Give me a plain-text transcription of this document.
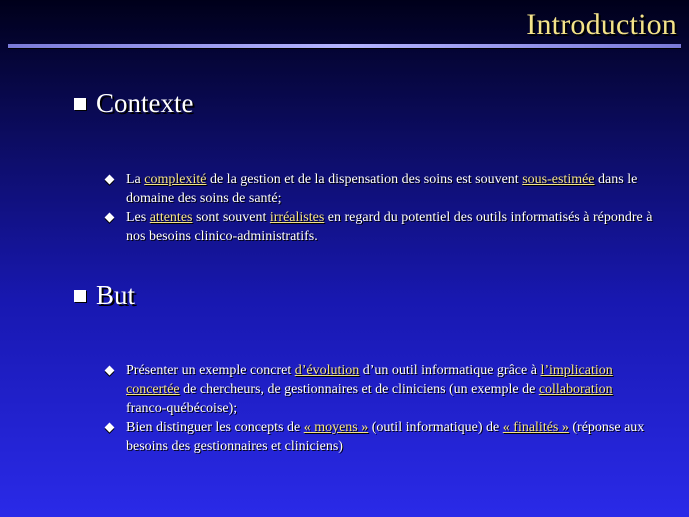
Introduction
Contexte
La complexité de la gestion et de la dispensation des soins est souvent sous-estimée dans le domaine des soins de santé;
Les attentes sont souvent irréalistes en regard du potentiel des outils informatisés à répondre à nos besoins clinico-administratifs.
But
Présenter un exemple concret d’évolution d’un outil informatique grâce à l’implication concertée de chercheurs, de gestionnaires et de cliniciens (un exemple de collaboration franco-québécoise);
Bien distinguer les concepts de « moyens » (outil informatique) de « finalités » (réponse aux besoins des gestionnaires et cliniciens)
